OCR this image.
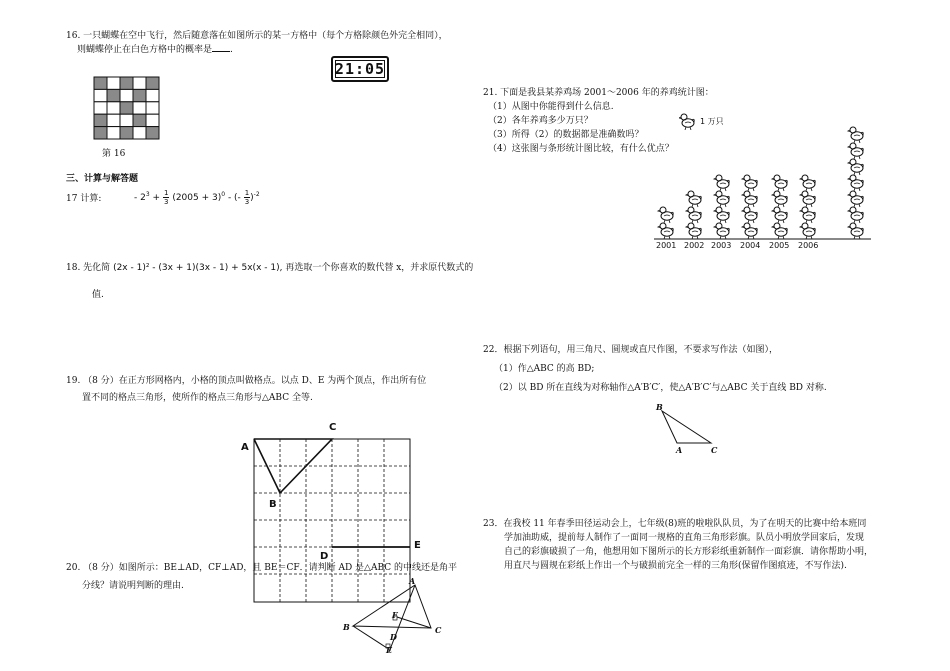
16. 一只蝴蝶在空中飞行，然后随意落在如图所示的某一方格中（每个方格除颜色外完全相同），
则蝴蝶停止在白色方格中的概率是 .
第 16
21:05
三、计算与解答题
17 计算:	- $2^3 + \frac{1}{3} (2005 + 3)^0$ - (- $\frac{1}{3} )^{-2}$
18. 先化简 (2x - 1)² - (3x + 1)(3x - 1) + 5x(x - 1), 再选取一个你喜欢的数代替 x，并求原代数式的
值.
19. （8 分）在正方形网格内，小格的顶点叫做格点。以点 D、E 为两个顶点，作出所有位
置不同的格点三角形，使所作的格点三角形与△ABC 全等.
A
C
B
D
E
20. （8 分）如图所示：BE⊥AD，CF⊥AD，且 BE＝CF．请判断 AD 是△ABC 的中线还是角平
分线？请说明判断的理由.	A
B	C
F
D
E
21. 下面是我县某养鸡场 2001～2006 年的养鸡统计图：
（1）从图中你能得到什么信息.
（2）各年养鸡多少万只？
（3）所得（2）的数据都是准确数吗？
（4）这张图与条形统计图比较，有什么优点？
1 万只
2001 2002 2003 2004 2005 2006
22．根据下列语句，用三角尺、圆规或直尺作图，不要求写作法（如图），
（1）作△ABC 的高 BD;
（2）以 BD 所在直线为对称轴作△A′B′C′，使△A′B′C′与△ABC 关于直线 BD 对称.
B
A	C
23．在我校 11 年春季田径运动会上，七年级(8)班的啦啦队队员，为了在明天的比赛中给本班同
学加油助威，提前每人制作了一面同一规格的直角三角形彩旗。队员小明放学回家后，发现
自己的彩旗破损了一角，他想用如下图所示的长方形彩纸重新制作一面彩旗．请你帮助小明，
用直尺与圆规在彩纸上作出一个与破损前完全一样的三角形(保留作图痕迹，不写作法).
